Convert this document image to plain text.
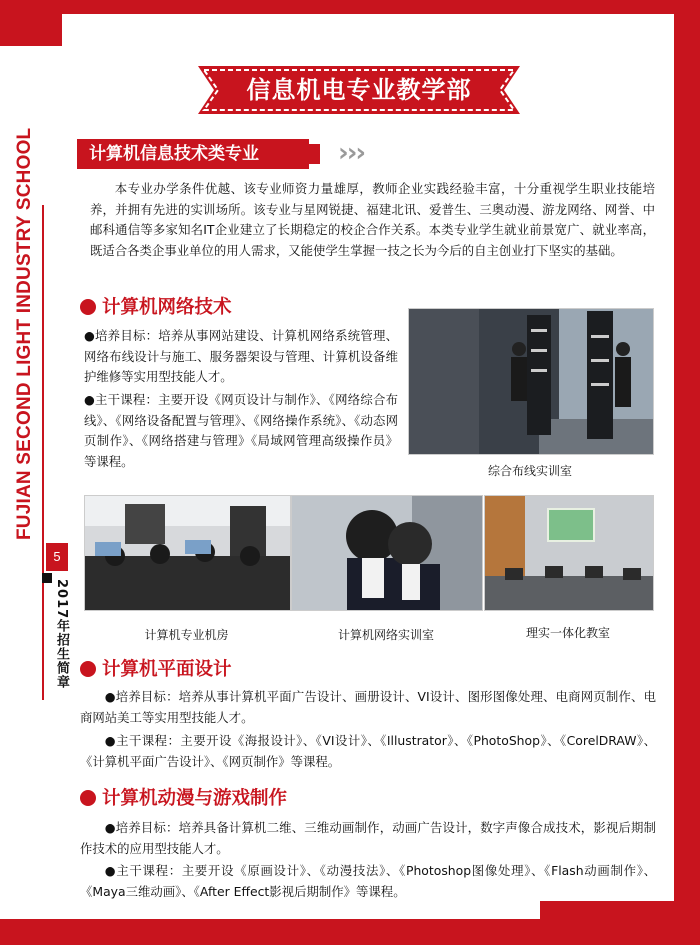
FUJIAN SECOND LIGHT INDUSTRY SCHOOL
5
2017年招生简章
信息机电专业教学部
计算机信息技术类专业	›››
本专业办学条件优越、该专业师资力量雄厚，教师企业实践经验丰富，十分重视学生职业技能培养，并拥有先进的实训场所。该专业与星网锐捷、福建北讯、爱普生、三奥动漫、游龙网络、网誉、中邮科通信等多家知名IT企业建立了长期稳定的校企合作关系。本类专业学生就业前景宽广、就业率高，既适合各类企事业单位的用人需求，又能使学生掌握一技之长为今后的自主创业打下坚实的基础。
计算机网络技术
●培养目标：培养从事网站建设、计算机网络系统管理、网络布线设计与施工、服务器架设与管理、计算机设备维护维修等实用型技能人才。
●主干课程：主要开设《网页设计与制作》、《网络综合布线》、《网络设备配置与管理》、《网络操作系统》、《动态网页制作》、《网络搭建与管理》《局域网管理高级操作员》等课程。
综合布线实训室
计算机专业机房	计算机网络实训室	理实一体化教室
计算机平面设计
●培养目标：培养从事计算机平面广告设计、画册设计、VI设计、图形图像处理、电商网页制作、电商网站美工等实用型技能人才。
●主干课程：主要开设《海报设计》、《VI设计》、《Illustrator》、《PhotoShop》、《CorelDRAW》、《计算机平面广告设计》、《网页制作》等课程。
计算机动漫与游戏制作
●培养目标：培养具备计算机二维、三维动画制作，动画广告设计，数字声像合成技术，影视后期制作技术的应用型技能人才。
●主干课程：主要开设《原画设计》、《动漫技法》、《Photoshop图像处理》、《Flash动画制作》、《Maya三维动画》、《After Effect影视后期制作》等课程。
